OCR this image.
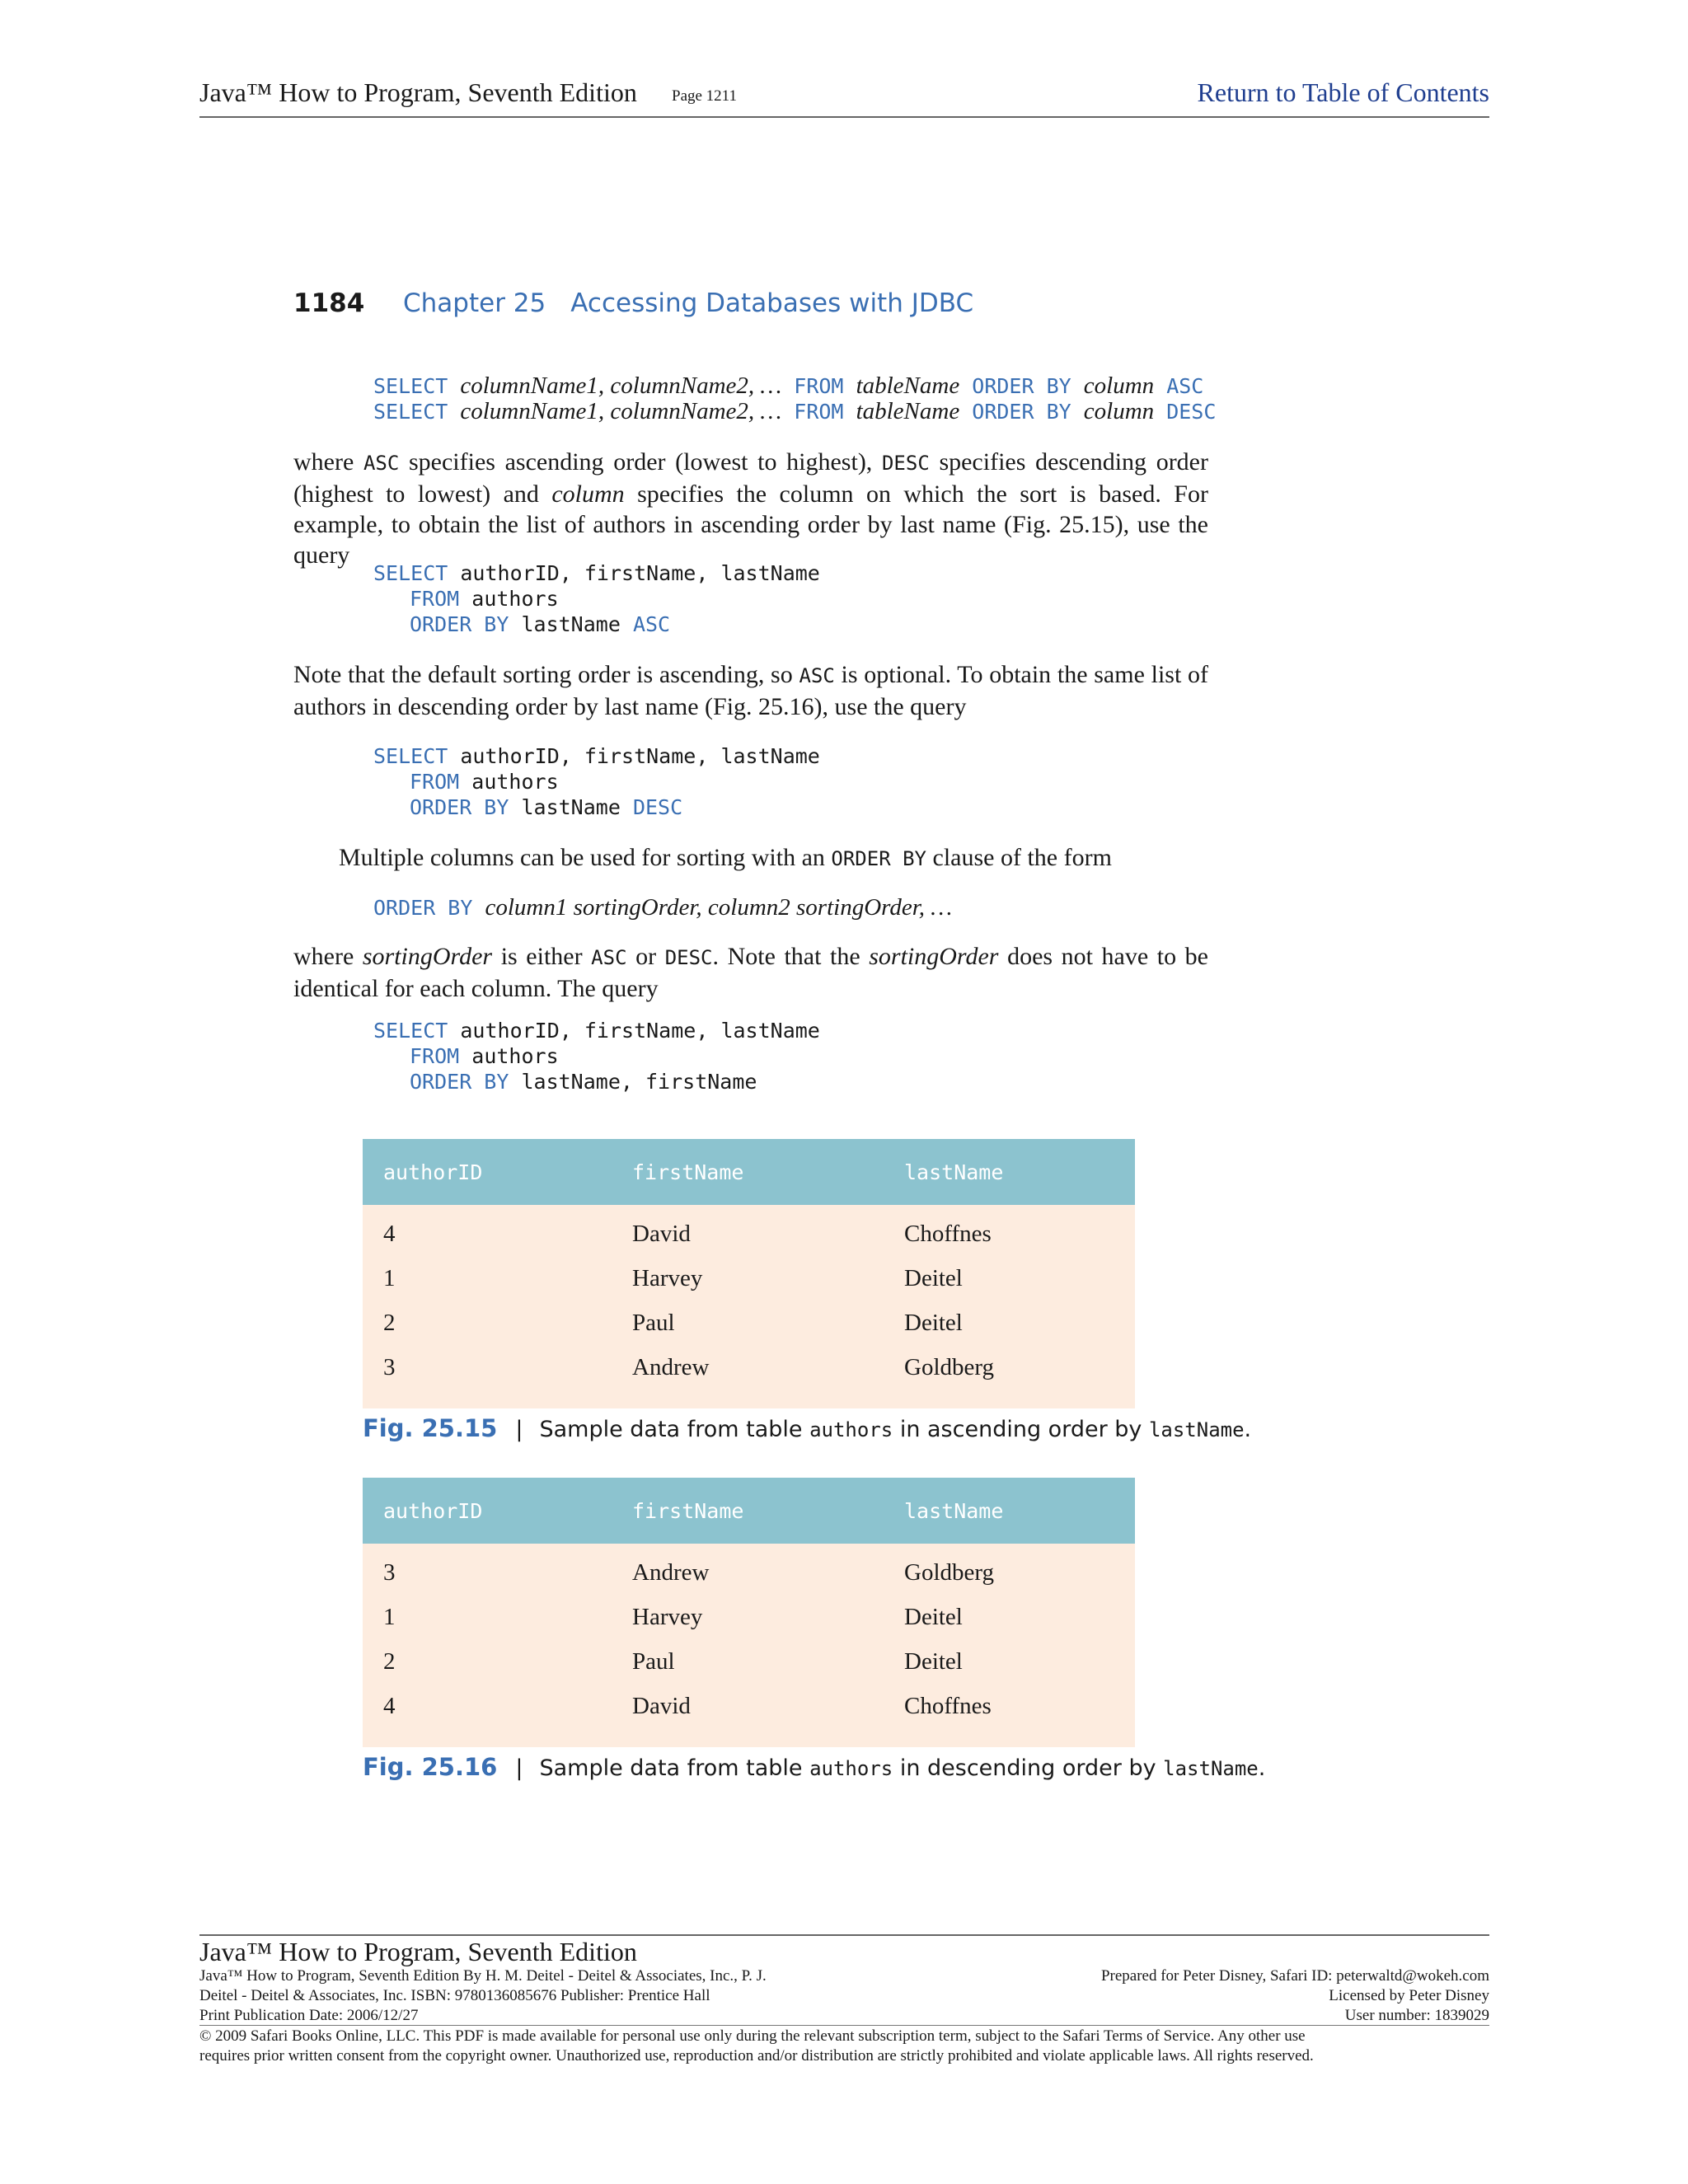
Java™ How to Program, Seventh Edition Page 1211	Return to Table of Contents
1184 Chapter 25 Accessing Databases with JDBC
SELECT columnName1, columnName2, … FROM tableName ORDER BY column ASC
SELECT columnName1, columnName2, … FROM tableName ORDER BY column DESC
where ASC specifies ascending order (lowest to highest), DESC specifies descending order (highest to lowest) and column specifies the column on which the sort is based. For example, to obtain the list of authors in ascending order by last name (Fig. 25.15), use the query
SELECT authorID, firstName, lastName
FROM authors
ORDER BY lastName ASC
Note that the default sorting order is ascending, so ASC is optional. To obtain the same list of authors in descending order by last name (Fig. 25.16), use the query
SELECT authorID, firstName, lastName
FROM authors
ORDER BY lastName DESC
Multiple columns can be used for sorting with an ORDER BY clause of the form
ORDER BY column1 sortingOrder, column2 sortingOrder, …
where sortingOrder is either ASC or DESC. Note that the sortingOrder does not have to be identical for each column. The query
SELECT authorID, firstName, lastName
FROM authors
ORDER BY lastName, firstName
authorID	firstName	lastName
4	David	Choffnes
1	Harvey	Deitel
2	Paul	Deitel
3	Andrew	Goldberg
Fig. 25.15 | Sample data from table authors in ascending order by lastName.
authorID	firstName	lastName
3	Andrew	Goldberg
1	Harvey	Deitel
2	Paul	Deitel
4	David	Choffnes
Fig. 25.16 | Sample data from table authors in descending order by lastName.
Java™ How to Program, Seventh Edition
Java™ How to Program, Seventh Edition By H. M. Deitel - Deitel & Associates, Inc., P. J.
Deitel - Deitel & Associates, Inc. ISBN: 9780136085676 Publisher: Prentice Hall
Print Publication Date: 2006/12/27
Prepared for Peter Disney, Safari ID: peterwaltd@wokeh.com
Licensed by Peter Disney
User number: 1839029
© 2009 Safari Books Online, LLC. This PDF is made available for personal use only during the relevant subscription term, subject to the Safari Terms of Service. Any other use
requires prior written consent from the copyright owner. Unauthorized use, reproduction and/or distribution are strictly prohibited and violate applicable laws. All rights reserved.
